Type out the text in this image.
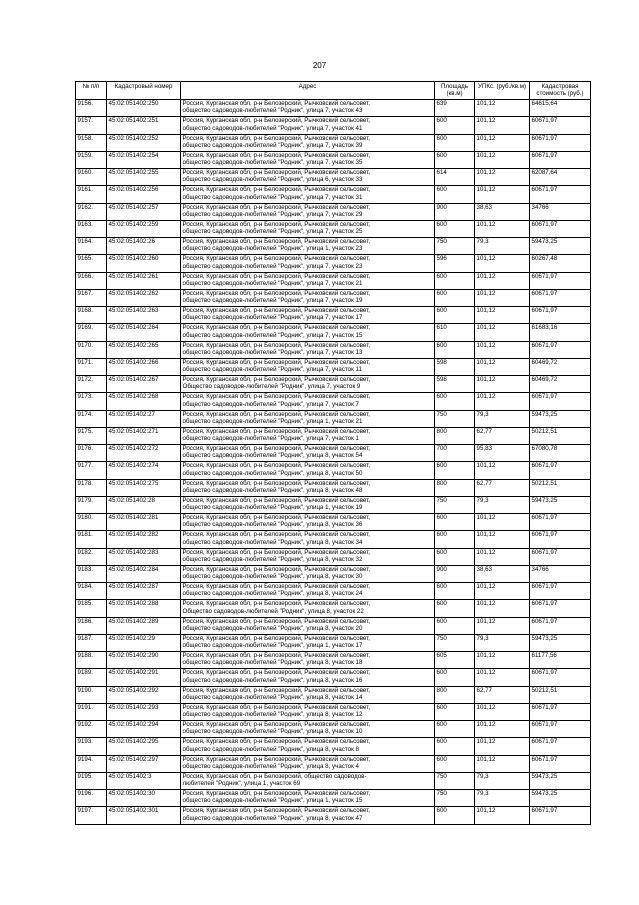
207
№ п/п	Кадастровый номер	Адрес	Площадь (кв.м)	УПКс. (руб./кв.м)	Кадастровая стоимость (руб.)
9156.	45:02:051402:250	Россия, Курганская обл, р-н Белозерский, Рычковский сельсовет,
общество садоводов-любителей "Родник", улица 7, участок 43	639	101,12	64615,64
9157.	45:02:051402:251	Россия, Курганская обл, р-н Белозерский, Рычковский сельсовет,
общество садоводов-любителей "Родник", улица 7, участок 41	600	101,12	60671,97
9158.	45:02:051402:252	Россия, Курганская обл, р-н Белозерский, Рычковский сельсовет,
общество садоводов-любителей "Родник", улица 7, участок 39	600	101,12	60671,97
9159.	45:02:051402:254	Россия, Курганская обл, р-н Белозерский, Рычковский сельсовет,
общество садоводов-любителей "Родник", улица 7, участок 35	600	101,12	60671,97
9160.	45:02:051402:255	Россия, Курганская обл, р-н Белозерский, Рычковский сельсовет,
общество садоводов-любителей "Родник", улица 6, участок 33	614	101,12	62087,64
9161.	45:02:051402:256	Россия, Курганская обл, р-н Белозерский, Рычковский сельсовет,
общество садоводов-любителей "Родник", улица 7, участок 31	600	101,12	60671,97
9162.	45:02:051402:257	Россия, Курганская обл, р-н Белозерский, Рычковский сельсовет,
общество садоводов-любителей "Родник", улица 7, участок 29	900	38,63	34766
9163.	45:02:051402:259	Россия, Курганская обл, р-н Белозерский, Рычковский сельсовет,
общество садоводов-любителей "Родник", улица 7, участок 25	600	101,12	60671,97
9164.	45:02:051402:26	Россия, Курганская обл, р-н Белозерский, Рычковский сельсовет,
общество садоводов-любителей "Родник", улица 1, участок 23	750	79,3	59473,25
9165.	45:02:051402:260	Россия, Курганская обл, р-н Белозерский, Рычковский сельсовет,
общество садоводов-любителей "Родник", улица 7, участок 23	596	101,12	60267,48
9166.	45:02:051402:261	Россия, Курганская обл, р-н Белозерский, Рычковский сельсовет,
общество садоводов-любителей "Родник", улица 7, участок 21	600	101,12	60671,97
9167.	45:02:051402:262	Россия, Курганская обл, р-н Белозерский, Рычковский сельсовет,
общество садоводов-любителей "Родник", улица 7, участок 19	600	101,12	60671,97
9168.	45:02:051402:263	Россия, Курганская обл, р-н Белозерский, Рычковский сельсовет,
общество садоводов-любителей "Родник", улица 7, участок 17	600	101,12	60671,97
9169.	45:02:051402:264	Россия, Курганская обл, р-н Белозерский, Рычковский сельсовет,
общество садоводов-любителей "Родник", улица 7, участок 15	610	101,12	61683,16
9170.	45:02:051402:265	Россия, Курганская обл, р-н Белозерский, Рычковский сельсовет,
общество садоводов-любителей "Родник", улица 7, участок 13	600	101,12	60671,97
9171.	45:02:051402:266	Россия, Курганская обл, р-н Белозерский, Рычковский сельсовет,
общество садоводов-любителей "Родник", улица 7, участок 11	598	101,12	60469,72
9172.	45:02:051402:267	Россия, Курганская обл, р-н Белозерский, Рычковский сельсовет,
Общество садоводов-любителей "Родник", улица 7, участок 9	598	101,12	60469,72
9173.	45:02:051402:268	Россия, Курганская обл, р-н Белозерский, Рычковский сельсовет,
общество садоводов-любителей "Родник", улица 7, участок 7	600	101,12	60671,97
9174.	45:02:051402:27	Россия, Курганская обл, р-н Белозерский, Рычковский сельсовет,
общество садоводов-любителей "Родник", улица 1, участок 21	750	79,3	59473,25
9175.	45:02:051402:271	Россия, Курганская обл, р-н Белозерский, Рычковский сельсовет,
общество садоводов-любителей "Родник", улица 7, участок 1	800	62,77	50212,51
9176.	45:02:051402:272	Россия, Курганская обл, р-н Белозерский, Рычковский сельсовет,
общество садоводов-любителей "Родник", улица 8, участок 54	700	95,83	67080,78
9177.	45:02:051402:274	Россия, Курганская обл, р-н Белозерский, Рычковский сельсовет,
общество садоводов-любителей "Родник", улица 8, участок 50	600	101,12	60671,97
9178.	45:02:051402:275	Россия, Курганская обл, р-н Белозерский, Рычковский сельсовет,
общество садоводов-любителей "Родник", улица 8, участок 48	800	62,77	50212,51
9179.	45:02:051402:28	Россия, Курганская обл, р-н Белозерский, Рычковский сельсовет,
общество садоводов-любителей "Родник", улица 1, участок 19	750	79,3	59473,25
9180.	45:02:051402:281	Россия, Курганская обл, р-н Белозерский, Рычковский сельсовет,
общество садоводов-любителей "Родник", улица 8, участок 36	600	101,12	60671,97
9181.	45:02:051402:282	Россия, Курганская обл, р-н Белозерский, Рычковский сельсовет,
общество садоводов-любителей "Родник", улица 8, участок 34	600	101,12	60671,97
9182.	45:02:051402:283	Россия, Курганская обл, р-н Белозерский, Рычковский сельсовет,
общество садоводов-любителей "Родник", улица 8, участок 32	600	101,12	60671,97
9183.	45:02:051402:284	Россия, Курганская обл, р-н Белозерский, Рычковский сельсовет,
общество садоводов-любителей "Родник", улица 8, участок 30	900	38,63	34766
9184.	45:02:051402:287	Россия, Курганская обл, р-н Белозерский, Рычковский сельсовет,
общество садоводов-любителей "Родник", улица 8, участок 24	600	101,12	60671,97
9185.	45:02:051402:288	Россия, Курганская обл, р-н Белозерский, Рычковский сельсовет,
Общество садоводов-любителей "Родник", улица 8, участок 22	600	101,12	60671,97
9186.	45:02:051402:289	Россия, Курганская обл, р-н Белозерский, Рычковский сельсовет,
общество садоводов-любителей "Родник", улица 8, участок 20	600	101,12	60671,97
9187.	45:02:051402:29	Россия, Курганская обл, р-н Белозерский, Рычковский сельсовет,
общество садоводов-любителей "Родник", улица 1, участок 17	750	79,3	59473,25
9188.	45:02:051402:290	Россия, Курганская обл, р-н Белозерский, Рычковский сельсовет,
общество садоводов-любителей "Родник", улица 8, участок 18	605	101,12	61177,56
9189.	45:02:051402:291	Россия, Курганская обл, р-н Белозерский, Рычковский сельсовет,
общество садоводов-любителей "Родник", улица 8, участок 16	600	101,12	60671,97
9190.	45:02:051402:292	Россия, Курганская обл, р-н Белозерский, Рычковский сельсовет,
общество садоводов-любителей "Родник", улица 8, участок 14	800	62,77	50212,51
9191.	45:02:051402:293	Россия, Курганская обл, р-н Белозерский, Рычковский сельсовет,
общество садоводов-любителей "Родник", улица 8, участок 12	600	101,12	60671,97
9192.	45:02:051402:294	Россия, Курганская обл, р-н Белозерский, Рычковский сельсовет,
общество садоводов-любителей "Родник", улица 8, участок 10	600	101,12	60671,97
9193.	45:02:051402:295	Россия, Курганская обл, р-н Белозерский, Рычковский сельсовет,
общество садоводов-любителей "Родник", улица 8, участок 8	600	101,12	60671,97
9194.	45:02:051402:297	Россия, Курганская обл, р-н Белозерский, Рычковский сельсовет,
общество садоводов-любителей "Родник", улица 8, участок 4	600	101,12	60671,97
9195.	45:02:051402:3	Россия, Курганская обл, р-н Белозерский, общество садоводов-
любителей "Родник", улица 1, участок 69	750	79,3	59473,25
9196.	45:02:051402:30	Россия, Курганская обл, р-н Белозерский, Рычковский сельсовет,
общество садоводов-любителей "Родник", улица 1, участок 15	750	79,3	59473,25
9197.	45:02:051402:301	Россия, Курганская обл, р-н Белозерский, Рычковский сельсовет,
общество садоводов-любителей "Родник", улица 8, участок 47	600	101,12	60671,97
